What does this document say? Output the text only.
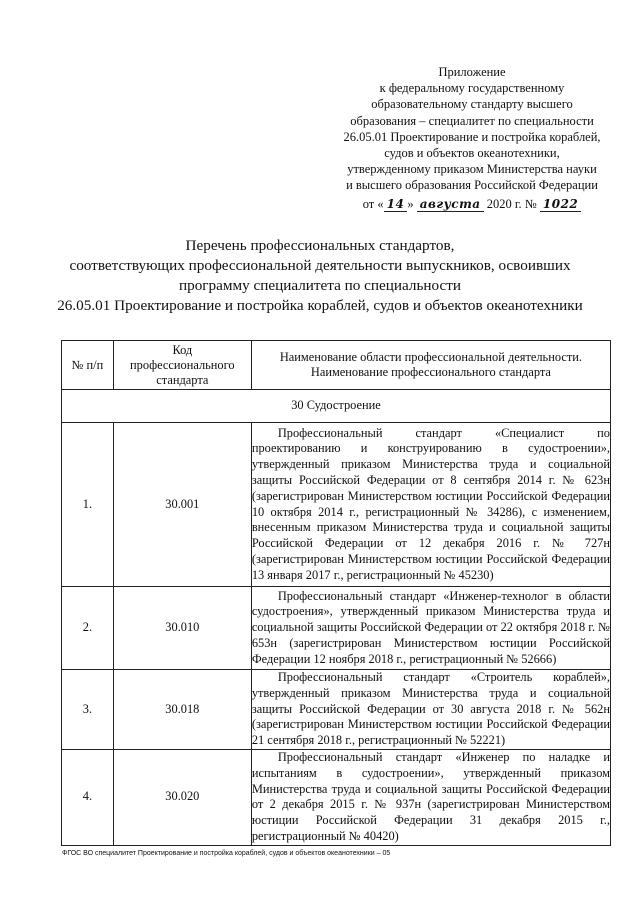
Приложение
к федеральному государственному
образовательному стандарту высшего
образования – специалитет по специальности
26.05.01 Проектирование и постройка кораблей,
судов и объектов океанотехники,
утвержденному приказом Министерства науки
и высшего образования Российской Федерации
от « 14 » августа 2020 г. № 1022
Перечень профессиональных стандартов,
соответствующих профессиональной деятельности выпускников, освоивших
программу специалитета по специальности
26.05.01 Проектирование и постройка кораблей, судов и объектов океанотехники
№ п/п	Код профессионального стандарта	Наименование области профессиональной деятельности.
Наименование профессионального стандарта

30 Судостроение		
1.	30.001	Профессиональный стандарт «Специалист по проектированию и конструированию в судостроении», утвержденный приказом Министерства труда и социальной защиты Российской Федерации от 8 сентября 2014 г. № 623н (зарегистрирован Министерством юстиции Российской Федерации 10 октября 2014 г., регистрационный № 34286), с изменением, внесенным приказом Министерства труда и социальной защиты Российской Федерации от 12 декабря 2016 г. № 727н (зарегистрирован Министерством юстиции Российской Федерации 13 января 2017 г., регистрационный № 45230)
2.	30.010	Профессиональный стандарт «Инженер-технолог в области судостроения», утвержденный приказом Министерства труда и социальной защиты Российской Федерации от 22 октября 2018 г. № 653н (зарегистрирован Министерством юстиции Российской Федерации 12 ноября 2018 г., регистрационный № 52666)
3.	30.018	Профессиональный стандарт «Строитель кораблей», утвержденный приказом Министерства труда и социальной защиты Российской Федерации от 30 августа 2018 г. № 562н (зарегистрирован Министерством юстиции Российской Федерации 21 сентября 2018 г., регистрационный № 52221)
4.	30.020	Профессиональный стандарт «Инженер по наладке и испытаниям в судостроении», утвержденный приказом Министерства труда и социальной защиты Российской Федерации от 2 декабря 2015 г. № 937н (зарегистрирован Министерством юстиции Российской Федерации 31 декабря 2015 г., регистрационный № 40420)
ФГОС ВО специалитет Проектирование и постройка кораблей, судов и объектов океанотехники – 05
